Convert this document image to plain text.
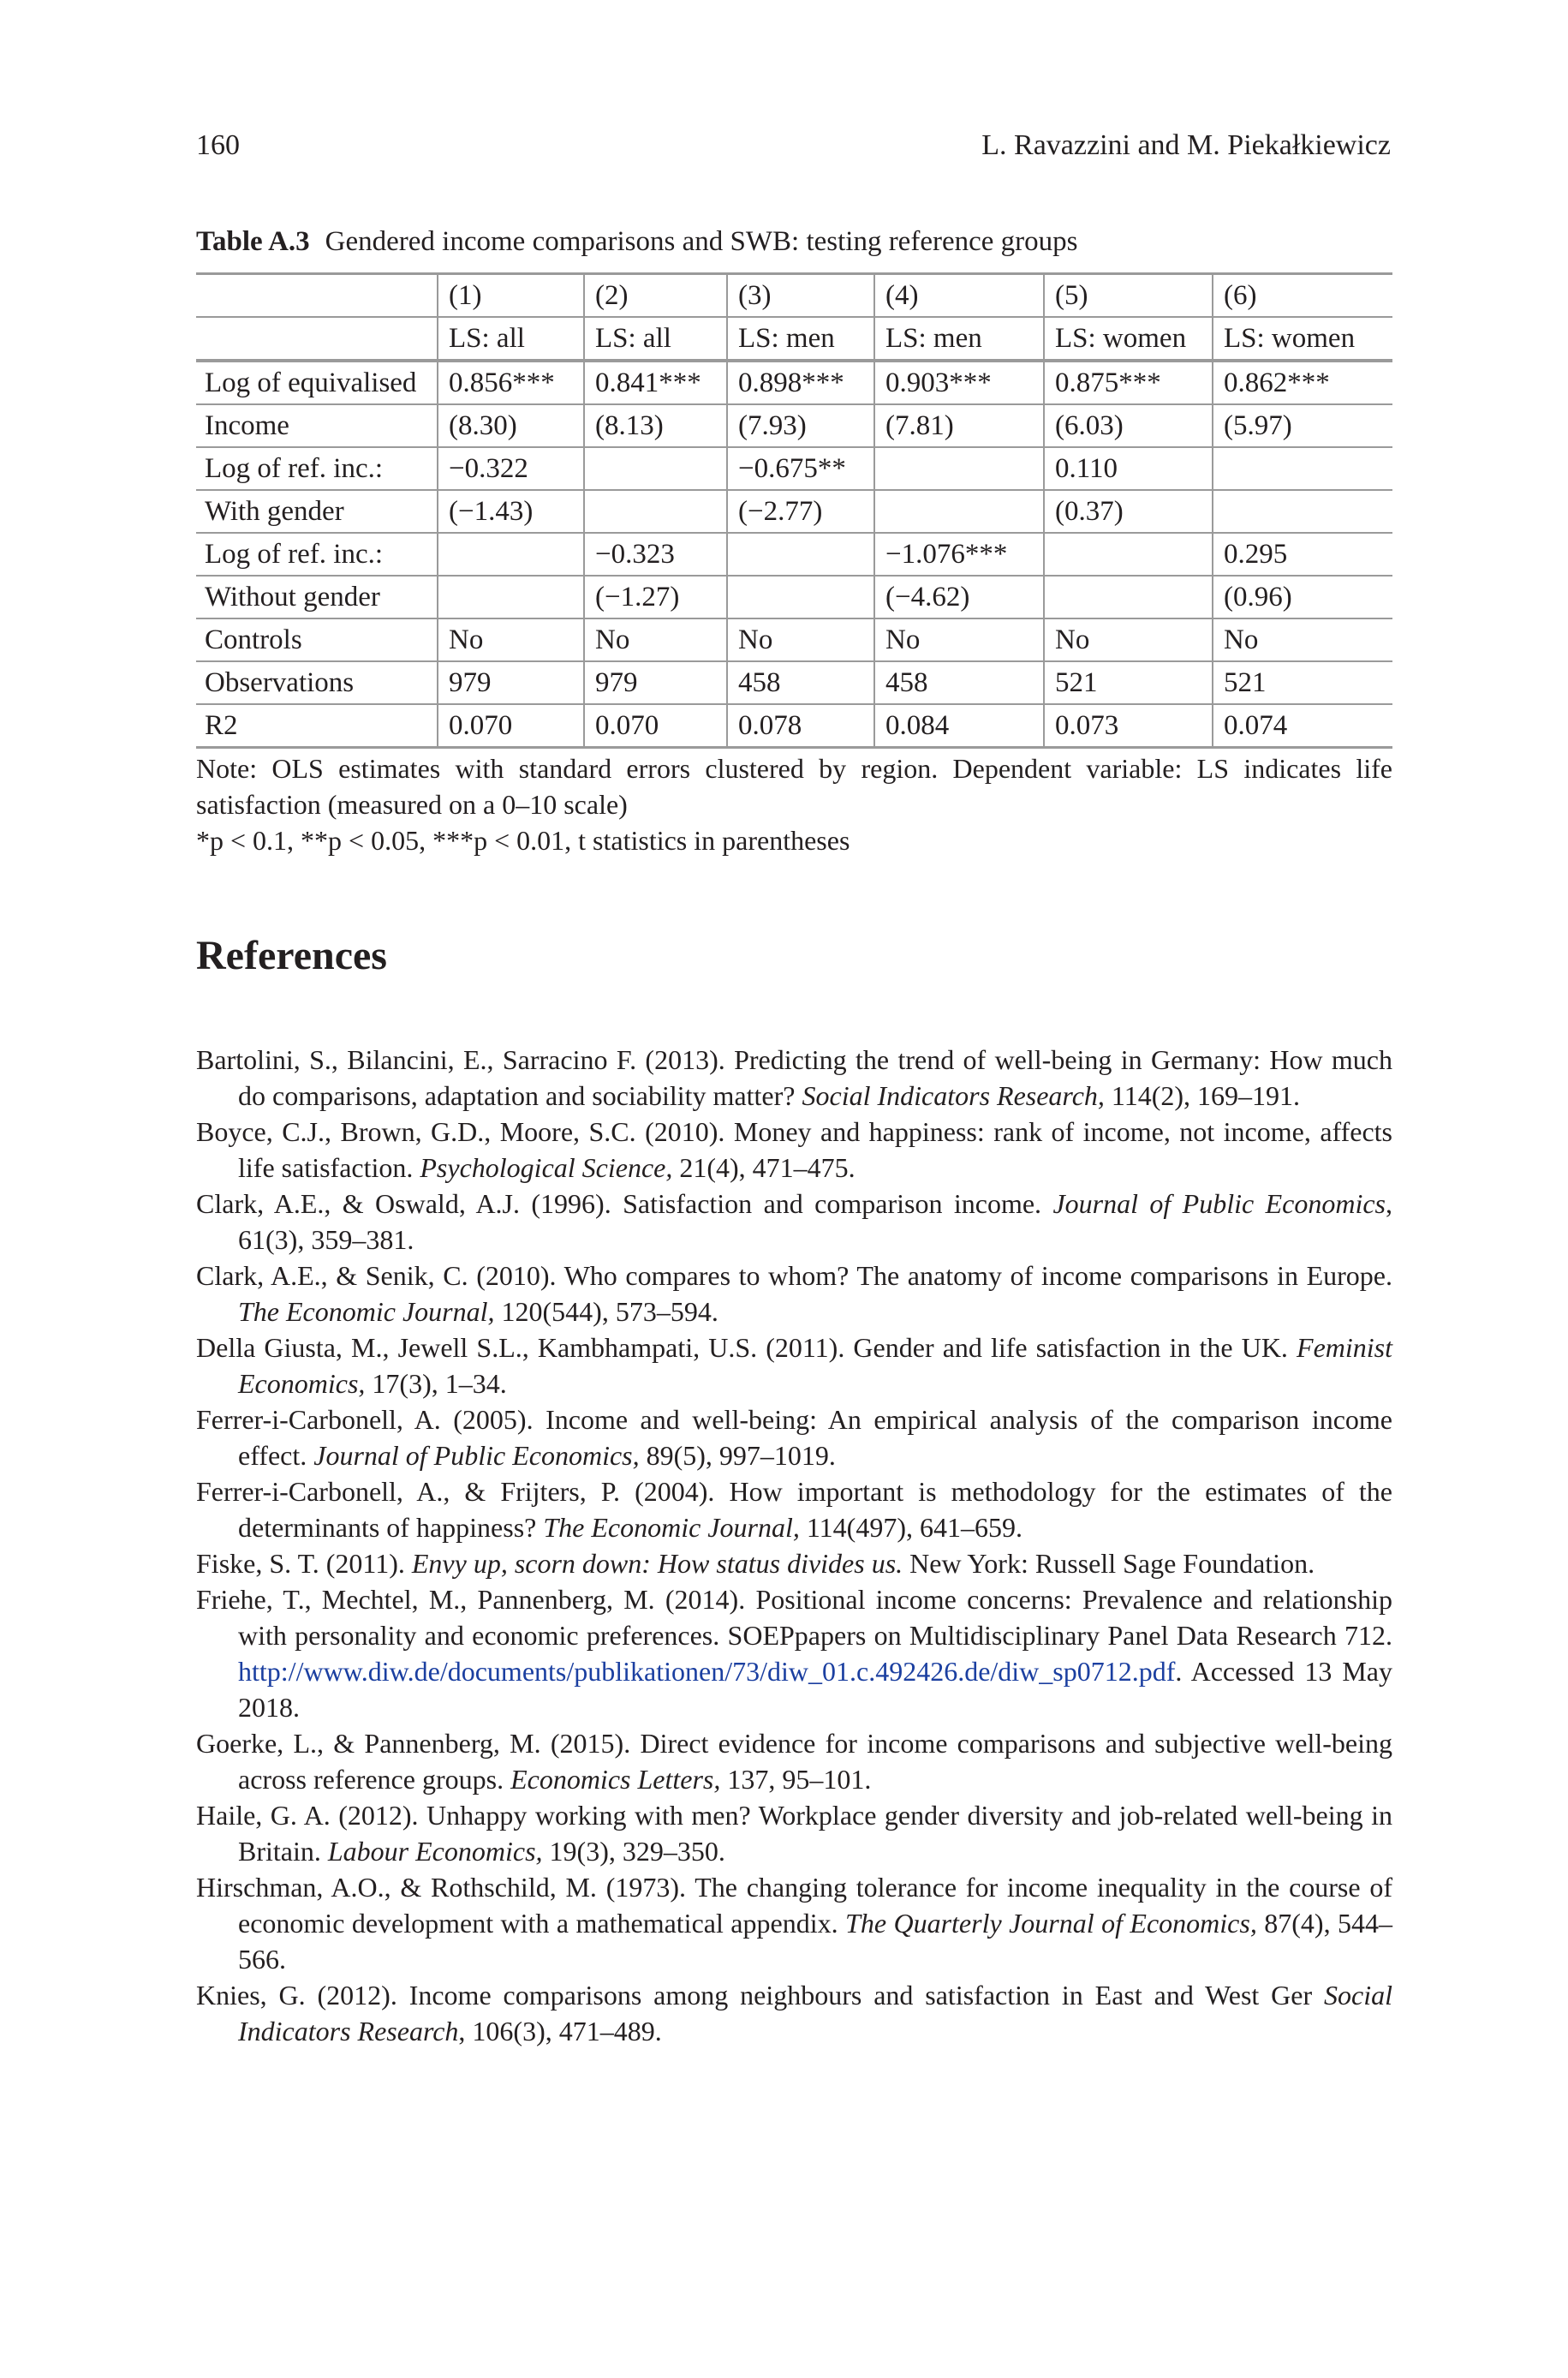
160	L. Ravazzini and M. Piekałkiewicz
Table A.3 Gendered income comparisons and SWB: testing reference groups
	(1)	(2)	(3)	(4)	(5)	(6)
	LS: all	LS: all	LS: men	LS: men	LS: women	LS: women
Log of equivalised	0.856***	0.841***	0.898***	0.903***	0.875***	0.862***
Income	(8.30)	(8.13)	(7.93)	(7.81)	(6.03)	(5.97)
Log of ref. inc.:	−0.322		−0.675**		0.110	
With gender	(−1.43)		(−2.77)		(0.37)	
Log of ref. inc.:		−0.323		−1.076***		0.295
Without gender		(−1.27)		(−4.62)		(0.96)
Controls	No	No	No	No	No	No
Observations	979	979	458	458	521	521
R2	0.070	0.070	0.078	0.084	0.073	0.074

Note: OLS estimates with standard errors clustered by region. Dependent variable: LS indicates life satisfaction (measured on a 0–10 scale)

*p < 0.1, **p < 0.05, ***p < 0.01, t statistics in parentheses

References
Bartolini, S., Bilancini, E., Sarracino F. (2013). Predicting the trend of well-being in Germany: How much do comparisons, adaptation and sociability matter? Social Indicators Research, 114(2), 169–191.
Boyce, C.J., Brown, G.D., Moore, S.C. (2010). Money and happiness: rank of income, not income, affects life satisfaction. Psychological Science, 21(4), 471–475.
Clark, A.E., & Oswald, A.J. (1996). Satisfaction and comparison income. Journal of Public Economics, 61(3), 359–381.
Clark, A.E., & Senik, C. (2010). Who compares to whom? The anatomy of income comparisons in Europe. The Economic Journal, 120(544), 573–594.
Della Giusta, M., Jewell S.L., Kambhampati, U.S. (2011). Gender and life satisfaction in the UK. Feminist Economics, 17(3), 1–34.
Ferrer-i-Carbonell, A. (2005). Income and well-being: An empirical analysis of the comparison income effect. Journal of Public Economics, 89(5), 997–1019.
Ferrer-i-Carbonell, A., & Frijters, P. (2004). How important is methodology for the estimates of the determinants of happiness? The Economic Journal, 114(497), 641–659.
Fiske, S. T. (2011). Envy up, scorn down: How status divides us. New York: Russell Sage Foundation.
Friehe, T., Mechtel, M., Pannenberg, M. (2014). Positional income concerns: Prevalence and relationship with personality and economic preferences. SOEPpapers on Multidisciplinary Panel Data Research 712. http://www.diw.de/documents/publikationen/73/diw_01.c.492426.de/diw_sp0712.pdf. Accessed 13 May 2018.
Goerke, L., & Pannenberg, M. (2015). Direct evidence for income comparisons and subjective well-being across reference groups. Economics Letters, 137, 95–101.
Haile, G. A. (2012). Unhappy working with men? Workplace gender diversity and job-related well-being in Britain. Labour Economics, 19(3), 329–350.
Hirschman, A.O., & Rothschild, M. (1973). The changing tolerance for income inequality in the course of economic development with a mathematical appendix. The Quarterly Journal of Economics, 87(4), 544–566.
Knies, G. (2012). Income comparisons among neighbours and satisfaction in East and West Ger Social Indicators Research, 106(3), 471–489.
